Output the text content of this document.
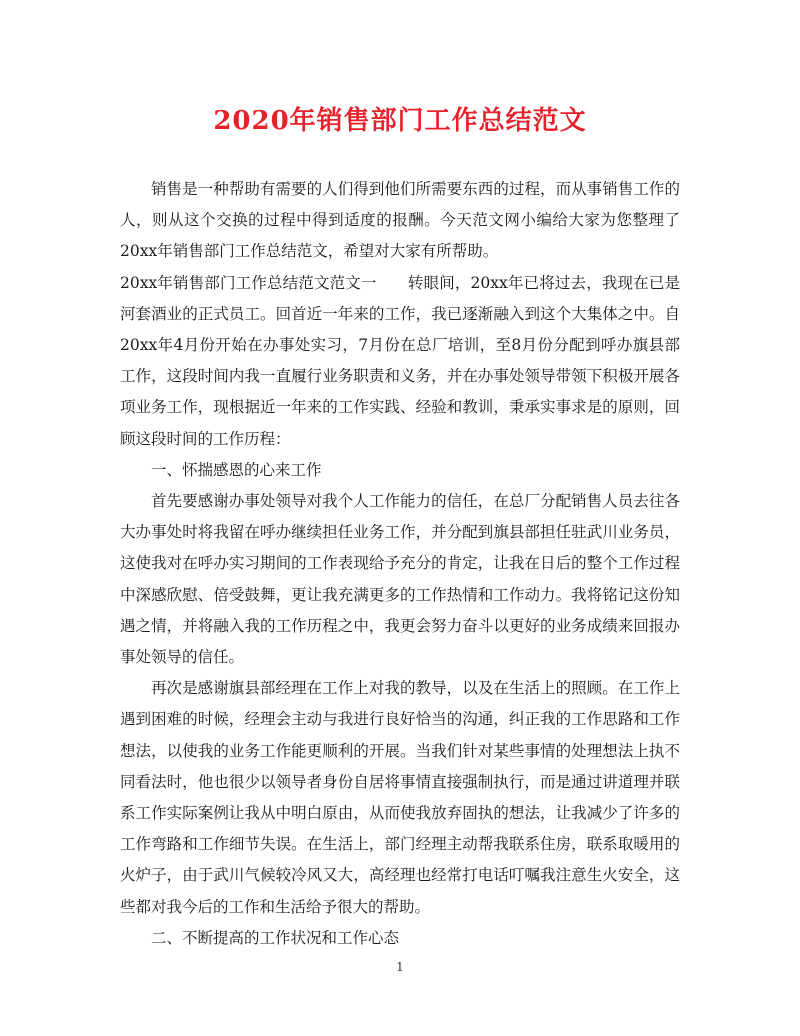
2020年销售部门工作总结范文

销售是一种帮助有需要的人们得到他们所需要东西的过程，而从事销售工作的人，则从这个交换的过程中得到适度的报酬。今天范文网小编给大家为您整理了20xx年销售部门工作总结范文，希望对大家有所帮助。

20xx年销售部门工作总结范文范文一　　转眼间，20xx年已将过去，我现在已是河套酒业的正式员工。回首近一年来的工作，我已逐渐融入到这个大集体之中。自20xx年4月份开始在办事处实习，7月份在总厂培训，至8月份分配到呼办旗县部工作，这段时间内我一直履行业务职责和义务，并在办事处领导带领下积极开展各项业务工作，现根据近一年来的工作实践、经验和教训，秉承实事求是的原则，回顾这段时间的工作历程：

一、怀揣感恩的心来工作

首先要感谢办事处领导对我个人工作能力的信任，在总厂分配销售人员去往各大办事处时将我留在呼办继续担任业务工作，并分配到旗县部担任驻武川业务员，这使我对在呼办实习期间的工作表现给予充分的肯定，让我在日后的整个工作过程中深感欣慰、倍受鼓舞，更让我充满更多的工作热情和工作动力。我将铭记这份知遇之情，并将融入我的工作历程之中，我更会努力奋斗以更好的业务成绩来回报办事处领导的信任。

再次是感谢旗县部经理在工作上对我的教导，以及在生活上的照顾。在工作上遇到困难的时候，经理会主动与我进行良好恰当的沟通，纠正我的工作思路和工作想法，以使我的业务工作能更顺利的开展。当我们针对某些事情的处理想法上执不同看法时，他也很少以领导者身份自居将事情直接强制执行，而是通过讲道理并联系工作实际案例让我从中明白原由，从而使我放弃固执的想法，让我减少了许多的工作弯路和工作细节失误。在生活上，部门经理主动帮我联系住房，联系取暖用的火炉子，由于武川气候较冷风又大，高经理也经常打电话叮嘱我注意生火安全，这些都对我今后的工作和生活给予很大的帮助。

二、不断提高的工作状况和工作心态

1
